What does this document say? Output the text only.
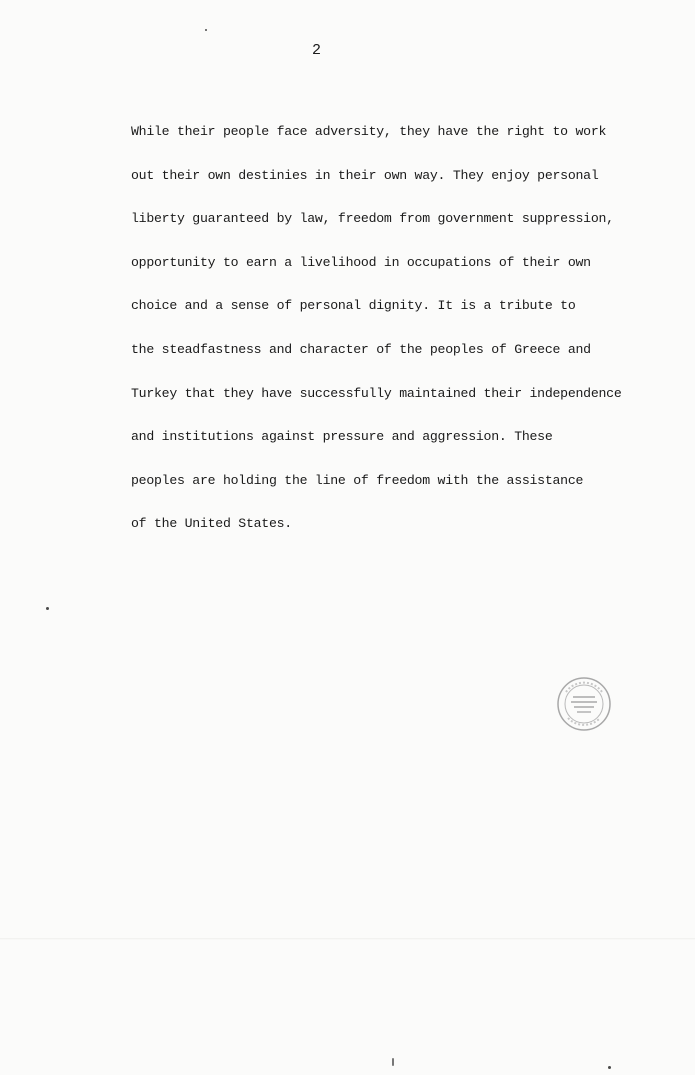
2
While their people face adversity, they have the right to work
out their own destinies in their own way. They enjoy personal
liberty guaranteed by law, freedom from government suppression,
opportunity to earn a livelihood in occupations of their own
choice and a sense of personal dignity. It is a tribute to
the steadfastness and character of the peoples of Greece and
Turkey that they have successfully maintained their independence
and institutions against pressure and aggression. These
peoples are holding the line of freedom with the assistance
of the United States.
